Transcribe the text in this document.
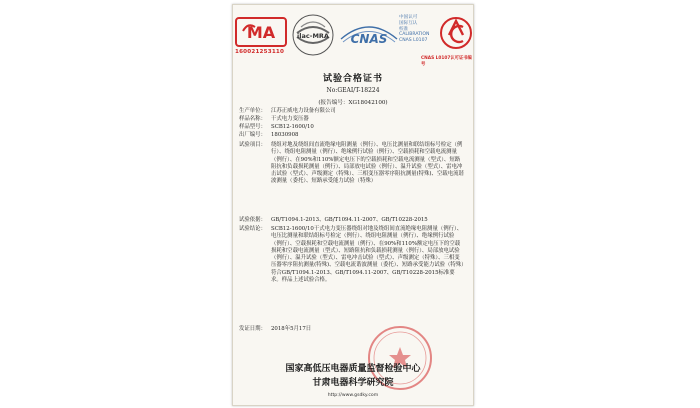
MA
160021253110
ilac-MRA CNAS
中国认可
国际互认
校准
CALIBRATION
CNAS L0107
CNAS L0107认可证书编号
试验合格证书
No:GEAI/T-18224
(报告编号：XG18042100)
生产单位： 江苏正威电力设备有限公司
样品名称： 干式电力变压器
样品型号： SCB12-1600/10
出厂编号： 18030908
试验项目： 绕组对地及绕组间直流绝缘电阻测量（例行）、电压比测量和联结组标号检定（例行）、绕组电阻测量（例行）、绝缘例行试验（例行）、空载损耗和空载电流测量（例行）、在90%和110%额定电压下的空载损耗和空载电流测量（型式）、短路阻抗和负载损耗测量（例行）、局部放电试验（例行）、温升试验（型式）、雷电冲击试验（型式）、声级测定（特殊）、三相变压器零序阻抗测量(特殊)、空载电流谐波测量（委托）、短路承受能力试验（特殊）
试验依据： GB/T1094.1-2013、GB/T1094.11-2007、GB/T10228-2015
试验结论： SCB12-1600/10干式电力变压器绕组对地及绕组间直流绝缘电阻测量（例行）、电压比测量和联结组标号检定（例行）、绕组电阻测量（例行）、绝缘例行试验（例行）、空载损耗和空载电流测量（例行）、在90%和110%额定电压下的空载损耗和空载电流测量（型式）、短路阻抗和负载损耗测量（例行）、局部放电试验（例行）、温升试验（型式）、雷电冲击试验（型式）、声级测定（特殊）、三相变压器零序阻抗测量(特殊)、空载电流谐波测量（委托）、短路承受能力试验（特殊）符合GB/T1094.1-2013、GB/T1094.11-2007、GB/T10228-2015标准要求。样品上述试验合格。
发证日期： 2018年5月17日
国家高低压电器质量监督检验中心
甘肃电器科学研究院
http://www.gsdky.com
